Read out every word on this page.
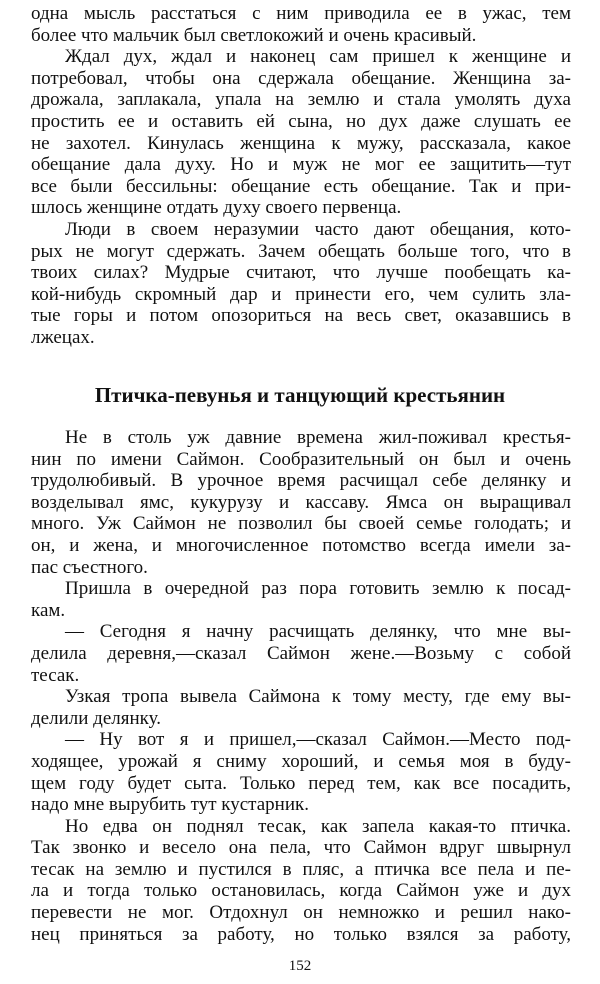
одна мысль расстаться с ним приводила ее в ужас, тем
более что мальчик был светлокожий и очень красивый.
Ждал дух, ждал и наконец сам пришел к женщине и
потребовал, чтобы она сдержала обещание. Женщина за-
дрожала, заплакала, упала на землю и стала умолять духа
простить ее и оставить ей сына, но дух даже слушать ее
не захотел. Кинулась женщина к мужу, рассказала, какое
обещание дала духу. Но и муж не мог ее защитить—тут
все были бессильны: обещание есть обещание. Так и при-
шлось женщине отдать духу своего первенца.
Люди в своем неразумии часто дают обещания, кото-
рых не могут сдержать. Зачем обещать больше того, что в
твоих силах? Мудрые считают, что лучше пообещать ка-
кой-нибудь скромный дар и принести его, чем сулить зла-
тые горы и потом опозориться на весь свет, оказавшись в
лжецах.
Птичка-певунья и танцующий крестьянин
Не в столь уж давние времена жил-поживал крестья-
нин по имени Саймон. Сообразительный он был и очень
трудолюбивый. В урочное время расчищал себе делянку и
возделывал ямс, кукурузу и кассаву. Ямса он выращивал
много. Уж Саймон не позволил бы своей семье голодать; и
он, и жена, и многочисленное потомство всегда имели за-
пас съестного.
Пришла в очередной раз пора готовить землю к посад-
кам.
— Сегодня я начну расчищать делянку, что мне вы-
делила деревня,—сказал Саймон жене.—Возьму с собой
тесак.
Узкая тропа вывела Саймона к тому месту, где ему вы-
делили делянку.
— Ну вот я и пришел,—сказал Саймон.—Место под-
ходящее, урожай я сниму хороший, и семья моя в буду-
щем году будет сыта. Только перед тем, как все посадить,
надо мне вырубить тут кустарник.
Но едва он поднял тесак, как запела какая-то птичка.
Так звонко и весело она пела, что Саймон вдруг швырнул
тесак на землю и пустился в пляс, а птичка все пела и пе-
ла и тогда только остановилась, когда Саймон уже и дух
перевести не мог. Отдохнул он немножко и решил нако-
нец приняться за работу, но только взялся за работу,
152
